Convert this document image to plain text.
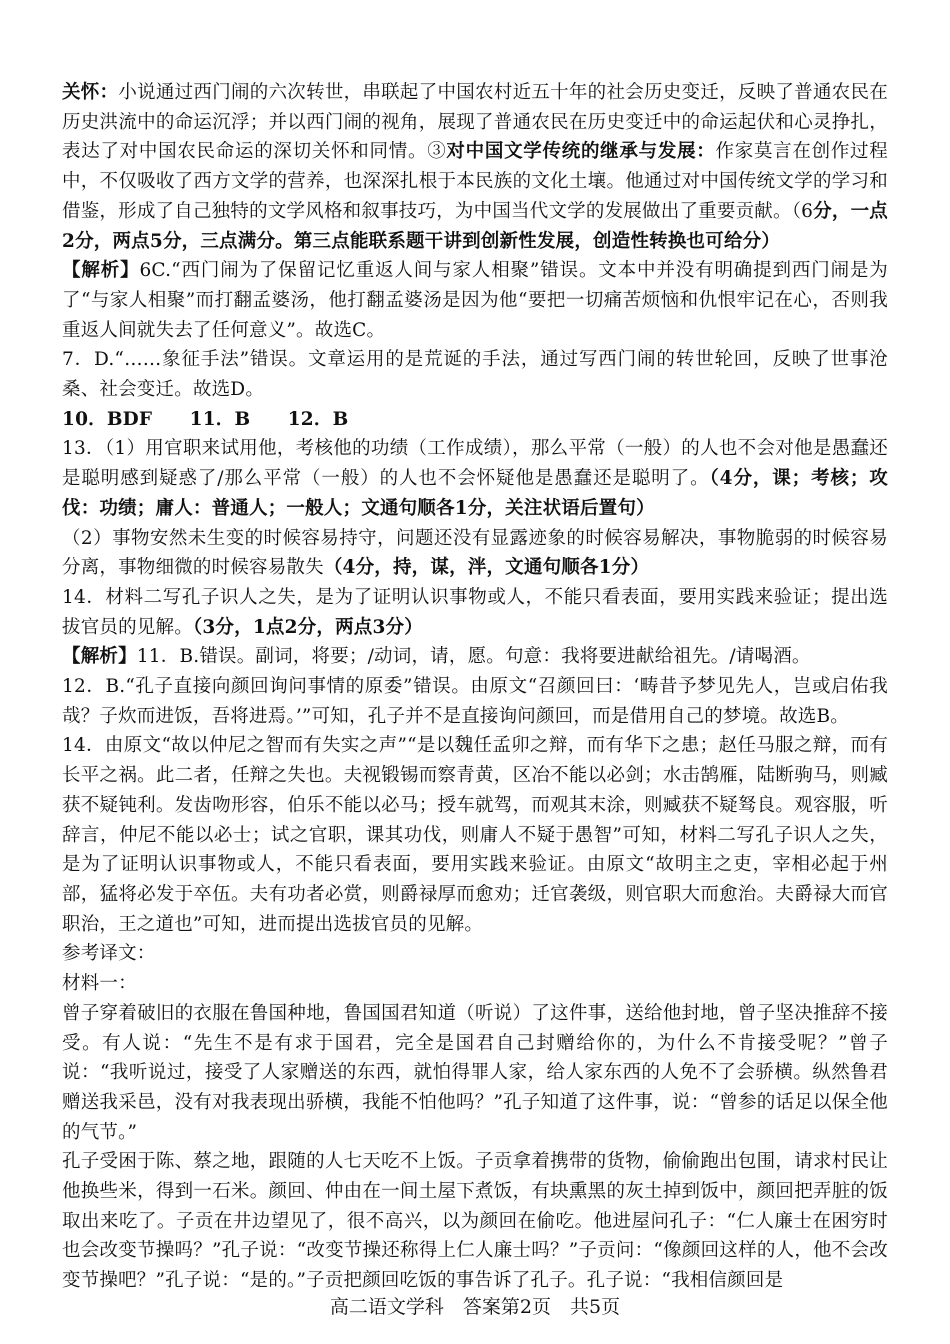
关怀：小说通过西门闹的六次转世，串联起了中国农村近五十年的社会历史变迁，反映了普通农民在历史洪流中的命运沉浮；并以西门闹的视角，展现了普通农民在历史变迁中的命运起伏和心灵挣扎，表达了对中国农民命运的深切关怀和同情。③对中国文学传统的继承与发展：作家莫言在创作过程中，不仅吸收了西方文学的营养，也深深扎根于本民族的文化土壤。他通过对中国传统文学的学习和借鉴，形成了自己独特的文学风格和叙事技巧，为中国当代文学的发展做出了重要贡献。（6分，一点2分，两点5分，三点满分。第三点能联系题干讲到创新性发展，创造性转换也可给分）

【解析】6C.“西门闹为了保留记忆重返人间与家人相聚”错误。文本中并没有明确提到西门闹是为了“与家人相聚”而打翻孟婆汤，他打翻孟婆汤是因为他“要把一切痛苦烦恼和仇恨牢记在心，否则我重返人间就失去了任何意义”。故选C。

7．D.“……象征手法”错误。文章运用的是荒诞的手法，通过写西门闹的转世轮回，反映了世事沧桑、社会变迁。故选D。

10．BDF　　11．B　　12．B

13．（1）用官职来试用他，考核他的功绩（工作成绩），那么平常（一般）的人也不会对他是愚蠢还是聪明感到疑惑了/那么平常（一般）的人也不会怀疑他是愚蠢还是聪明了。（4分，课；考核；攻伐：功绩；庸人：普通人；一般人；文通句顺各1分，关注状语后置句）

（2）事物安然未生变的时候容易持守，问题还没有显露迹象的时候容易解决，事物脆弱的时候容易分离，事物细微的时候容易散失（4分，持，谋，泮，文通句顺各1分）

14．材料二写孔子识人之失，是为了证明认识事物或人，不能只看表面，要用实践来验证；提出选拔官员的见解。（3分，1点2分，两点3分）

【解析】11．B.错误。副词，将要；/动词，请，愿。句意：我将要进献给祖先。/请喝酒。

12．B.“孔子直接向颜回询问事情的原委”错误。由原文“召颜回曰：‘畴昔予梦见先人，岂或启佑我哉？子炊而进饭，吾将进焉。’”可知，孔子并不是直接询问颜回，而是借用自己的梦境。故选B。

14．由原文“故以仲尼之智而有失实之声”“是以魏任孟卯之辩，而有华下之患；赵任马服之辩，而有长平之祸。此二者，任辩之失也。夫视锻锡而察青黄，区冶不能以必剑；水击鹄雁，陆断驹马，则臧获不疑钝利。发齿吻形容，伯乐不能以必马；授车就驾，而观其末涂，则臧获不疑驽良。观容服，听辞言，仲尼不能以必士；试之官职，课其功伐，则庸人不疑于愚智”可知，材料二写孔子识人之失，是为了证明认识事物或人，不能只看表面，要用实践来验证。由原文“故明主之吏，宰相必起于州部，猛将必发于卒伍。夫有功者必赏，则爵禄厚而愈劝；迁官袭级，则官职大而愈治。夫爵禄大而官职治，王之道也”可知，进而提出选拔官员的见解。

参考译文：

材料一：

曾子穿着破旧的衣服在鲁国种地，鲁国国君知道（听说）了这件事，送给他封地，曾子坚决推辞不接受。有人说：“先生不是有求于国君，完全是国君自己封赠给你的，为什么不肯接受呢？”曾子说：“我听说过，接受了人家赠送的东西，就怕得罪人家，给人家东西的人免不了会骄横。纵然鲁君赠送我采邑，没有对我表现出骄横，我能不怕他吗？”孔子知道了这件事，说：“曾参的话足以保全他的气节。”

孔子受困于陈、蔡之地，跟随的人七天吃不上饭。子贡拿着携带的货物，偷偷跑出包围，请求村民让他换些米，得到一石米。颜回、仲由在一间土屋下煮饭，有块熏黑的灰土掉到饭中，颜回把弄脏的饭取出来吃了。子贡在井边望见了，很不高兴，以为颜回在偷吃。他进屋问孔子：“仁人廉士在困穷时也会改变节操吗？”孔子说：“改变节操还称得上仁人廉士吗？”子贡问：“像颜回这样的人，他不会改变节操吧？”孔子说：“是的。”子贡把颜回吃饭的事告诉了孔子。孔子说：“我相信颜回是

高二语文学科　答案第2页　共5页
